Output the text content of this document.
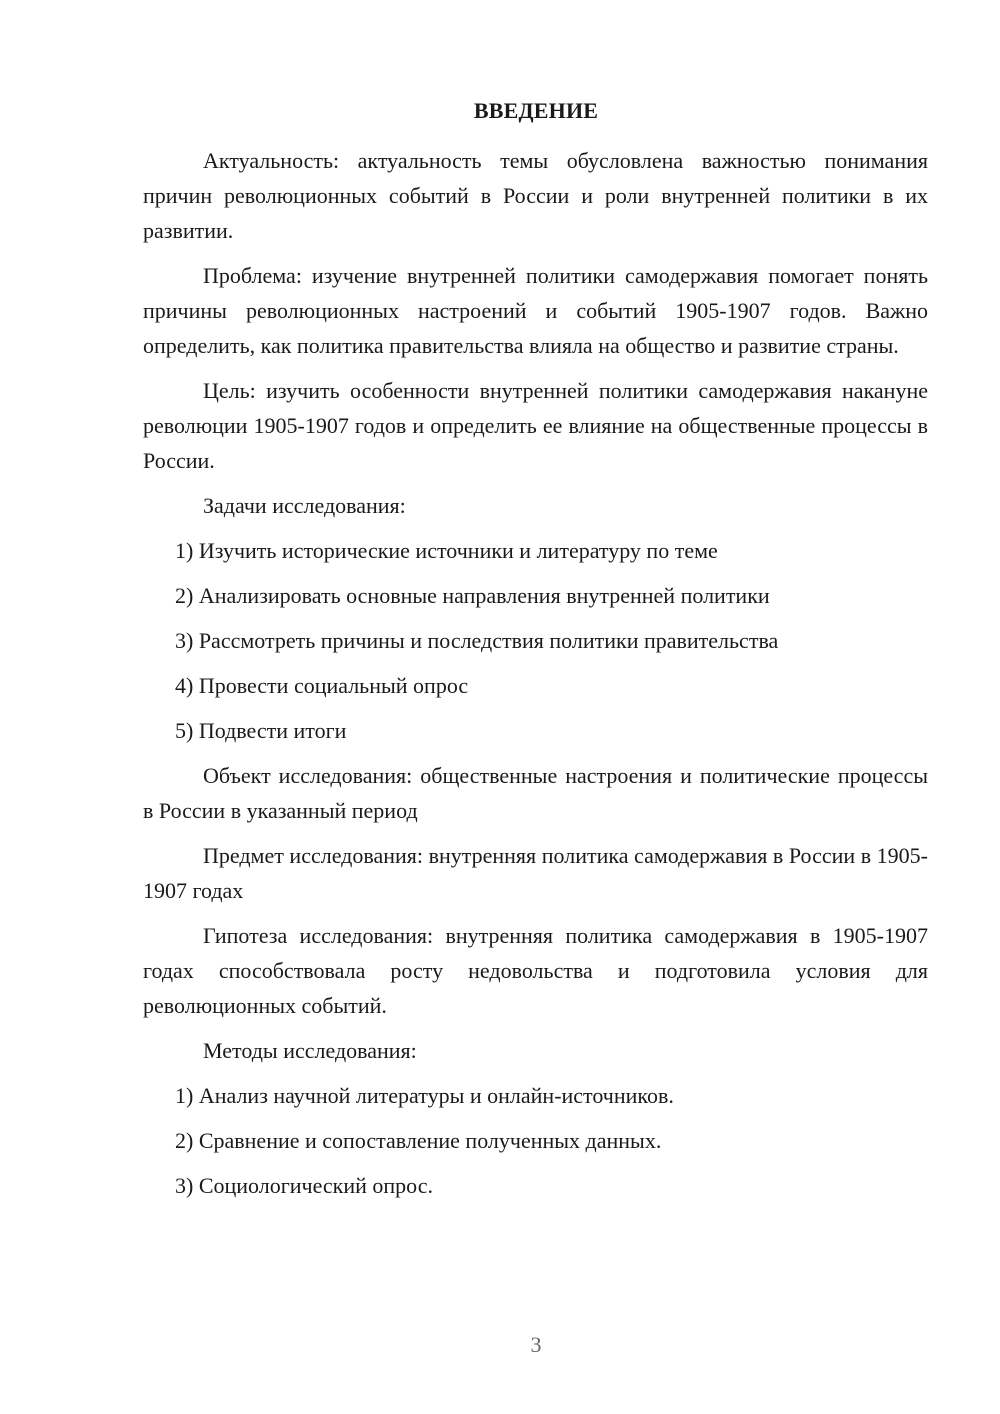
ВВЕДЕНИЕ

Актуальность: актуальность темы обусловлена важностью понимания причин революционных событий в России и роли внутренней политики в их развитии.

Проблема: изучение внутренней политики самодержавия помогает понять причины революционных настроений и событий 1905-1907 годов. Важно определить, как политика правительства влияла на общество и развитие страны.

Цель: изучить особенности внутренней политики самодержавия накануне революции 1905-1907 годов и определить ее влияние на общественные процессы в России.

Задачи исследования:

1) Изучить исторические источники и литературу по теме

2) Анализировать основные направления внутренней политики

3) Рассмотреть причины и последствия политики правительства

4) Провести социальный опрос

5) Подвести итоги

Объект исследования: общественные настроения и политические процессы в России в указанный период

Предмет исследования: внутренняя политика самодержавия в России в 1905-1907 годах

Гипотеза исследования: внутренняя политика самодержавия в 1905-1907 годах способствовала росту недовольства и подготовила условия для революционных событий.

Методы исследования:

1) Анализ научной литературы и онлайн-источников.

2) Сравнение и сопоставление полученных данных.

3) Социологический опрос.

3
